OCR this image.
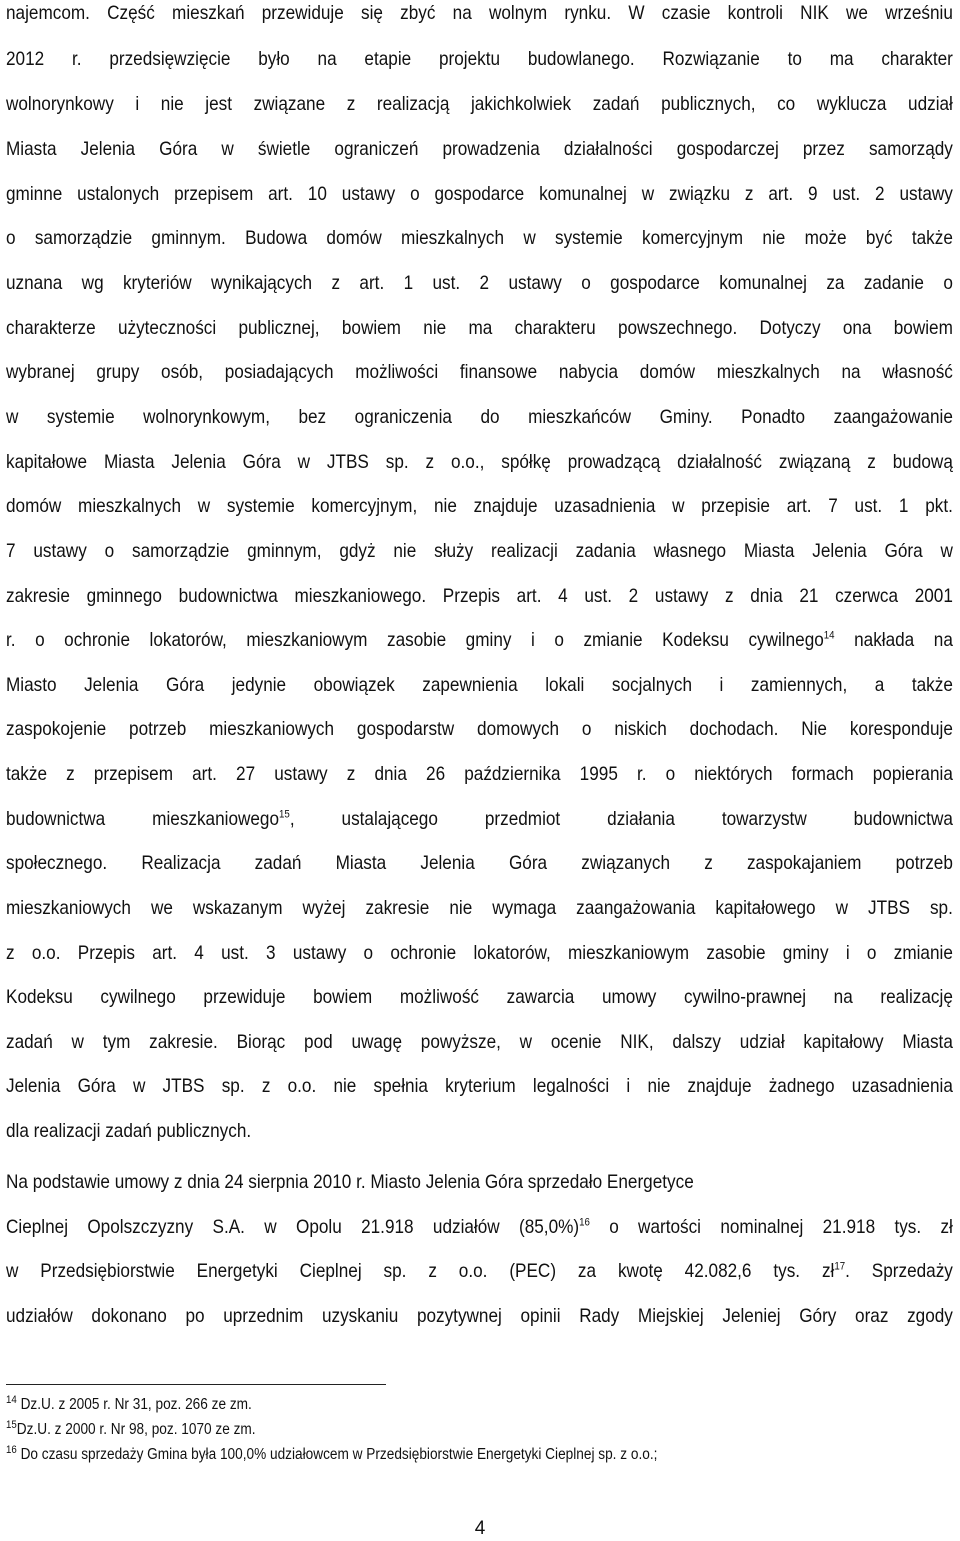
najemcom. Część mieszkań przewiduje się zbyć na wolnym rynku. W czasie kontroli NIK we wrześniu
2012 r. przedsięwzięcie było na etapie projektu budowlanego. Rozwiązanie to ma charakter
wolnorynkowy i nie jest związane z realizacją jakichkolwiek zadań publicznych, co wyklucza udział
Miasta Jelenia Góra w świetle ograniczeń prowadzenia działalności gospodarczej przez samorządy
gminne ustalonych przepisem art. 10 ustawy o gospodarce komunalnej w związku z art. 9 ust. 2 ustawy
o samorządzie gminnym. Budowa domów mieszkalnych w systemie komercyjnym nie może być także
uznana wg kryteriów wynikających z art. 1 ust. 2 ustawy o gospodarce komunalnej za zadanie o
charakterze użyteczności publicznej, bowiem nie ma charakteru powszechnego. Dotyczy ona bowiem
wybranej grupy osób, posiadających możliwości finansowe nabycia domów mieszkalnych na własność
w systemie wolnorynkowym, bez ograniczenia do mieszkańców Gminy. Ponadto zaangażowanie
kapitałowe Miasta Jelenia Góra w JTBS sp. z o.o., spółkę prowadzącą działalność związaną z budową
domów mieszkalnych w systemie komercyjnym, nie znajduje uzasadnienia w przepisie art. 7 ust. 1 pkt.
7 ustawy o samorządzie gminnym, gdyż nie służy realizacji zadania własnego Miasta Jelenia Góra w
zakresie gminnego budownictwa mieszkaniowego. Przepis art. 4 ust. 2 ustawy z dnia 21 czerwca 2001
r. o ochronie lokatorów, mieszkaniowym zasobie gminy i o zmianie Kodeksu cywilnego$^{14}$ nakłada na
Miasto Jelenia Góra jedynie obowiązek zapewnienia lokali socjalnych i zamiennych, a także
zaspokojenie potrzeb mieszkaniowych gospodarstw domowych o niskich dochodach. Nie koresponduje
także z przepisem art. 27 ustawy z dnia 26 października 1995 r. o niektórych formach popierania
budownictwa mieszkaniowego$^{15}$, ustalającego przedmiot działania towarzystw budownictwa
społecznego. Realizacja zadań Miasta Jelenia Góra związanych z zaspokajaniem potrzeb
mieszkaniowych we wskazanym wyżej zakresie nie wymaga zaangażowania kapitałowego w JTBS sp.
z o.o. Przepis art. 4 ust. 3 ustawy o ochronie lokatorów, mieszkaniowym zasobie gminy i o zmianie
Kodeksu cywilnego przewiduje bowiem możliwość zawarcia umowy cywilno-prawnej na realizację
zadań w tym zakresie. Biorąc pod uwagę powyższe, w ocenie NIK, dalszy udział kapitałowy Miasta
Jelenia Góra w JTBS sp. z o.o. nie spełnia kryterium legalności i nie znajduje żadnego uzasadnienia
dla realizacji zadań publicznych.
Na podstawie umowy z dnia 24 sierpnia 2010 r. Miasto Jelenia Góra sprzedało Energetyce
Cieplnej Opolszczyzny S.A. w Opolu 21.918 udziałów $(85,0\%)^{16}$ o wartości nominalnej 21.918 tys. zł
w Przedsiębiorstwie Energetyki Cieplnej sp. z o.o. (PEC) za kwotę 42.082,6 tys. $zł^{17}$. Sprzedaży
udziałów dokonano po uprzednim uzyskaniu pozytywnej opinii Rady Miejskiej Jeleniej Góry oraz zgody
$^{14}$ Dz.U. z 2005 r. Nr 31, poz. 266 ze zm.
$^{15}$Dz.U. z 2000 r. Nr 98, poz. 1070 ze zm.
$^{16}$ Do czasu sprzedaży Gmina była 100,0% udziałowcem w Przedsiębiorstwie Energetyki Cieplnej sp. z o.o.;
4
